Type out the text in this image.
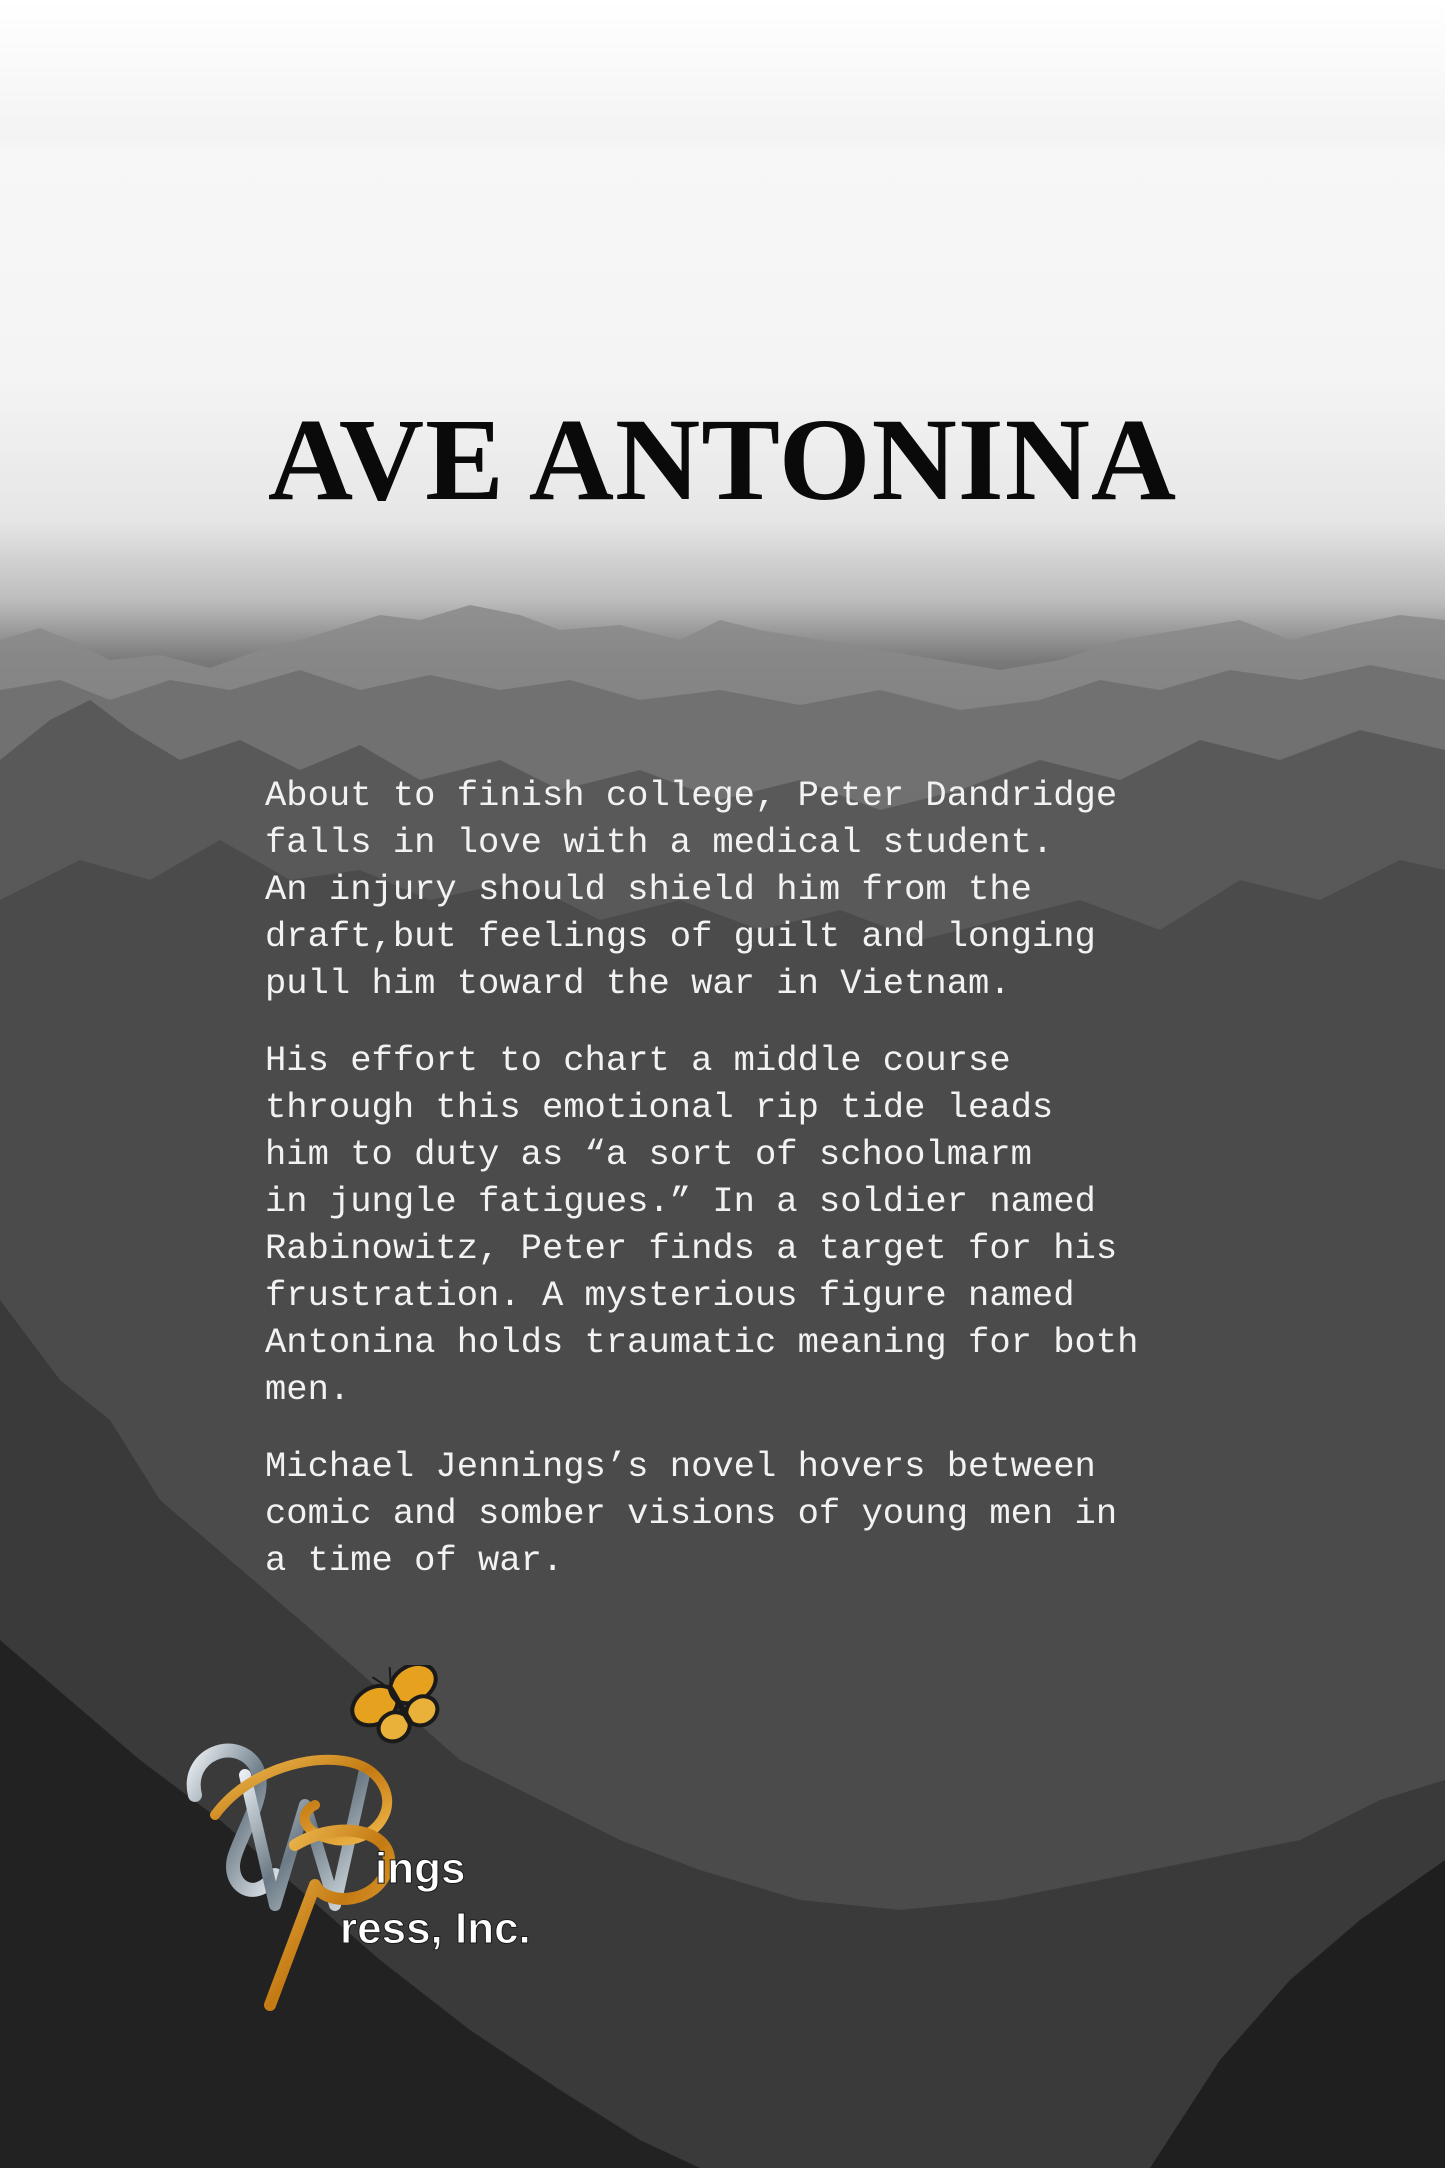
AVE ANTONINA

About to finish college, Peter Dandridge
falls in love with a medical student.
An injury should shield him from the
draft,but feelings of guilt and longing
pull him toward the war in Vietnam.

His effort to chart a middle course
through this emotional rip tide leads
him to duty as “a sort of schoolmarm
in jungle fatigues.” In a soldier named
Rabinowitz, Peter finds a target for his
frustration. A mysterious figure named
Antonina holds traumatic meaning for both
men.

Michael Jennings’s novel hovers between
comic and somber visions of young men in
a time of war.

ings
ress, Inc.
